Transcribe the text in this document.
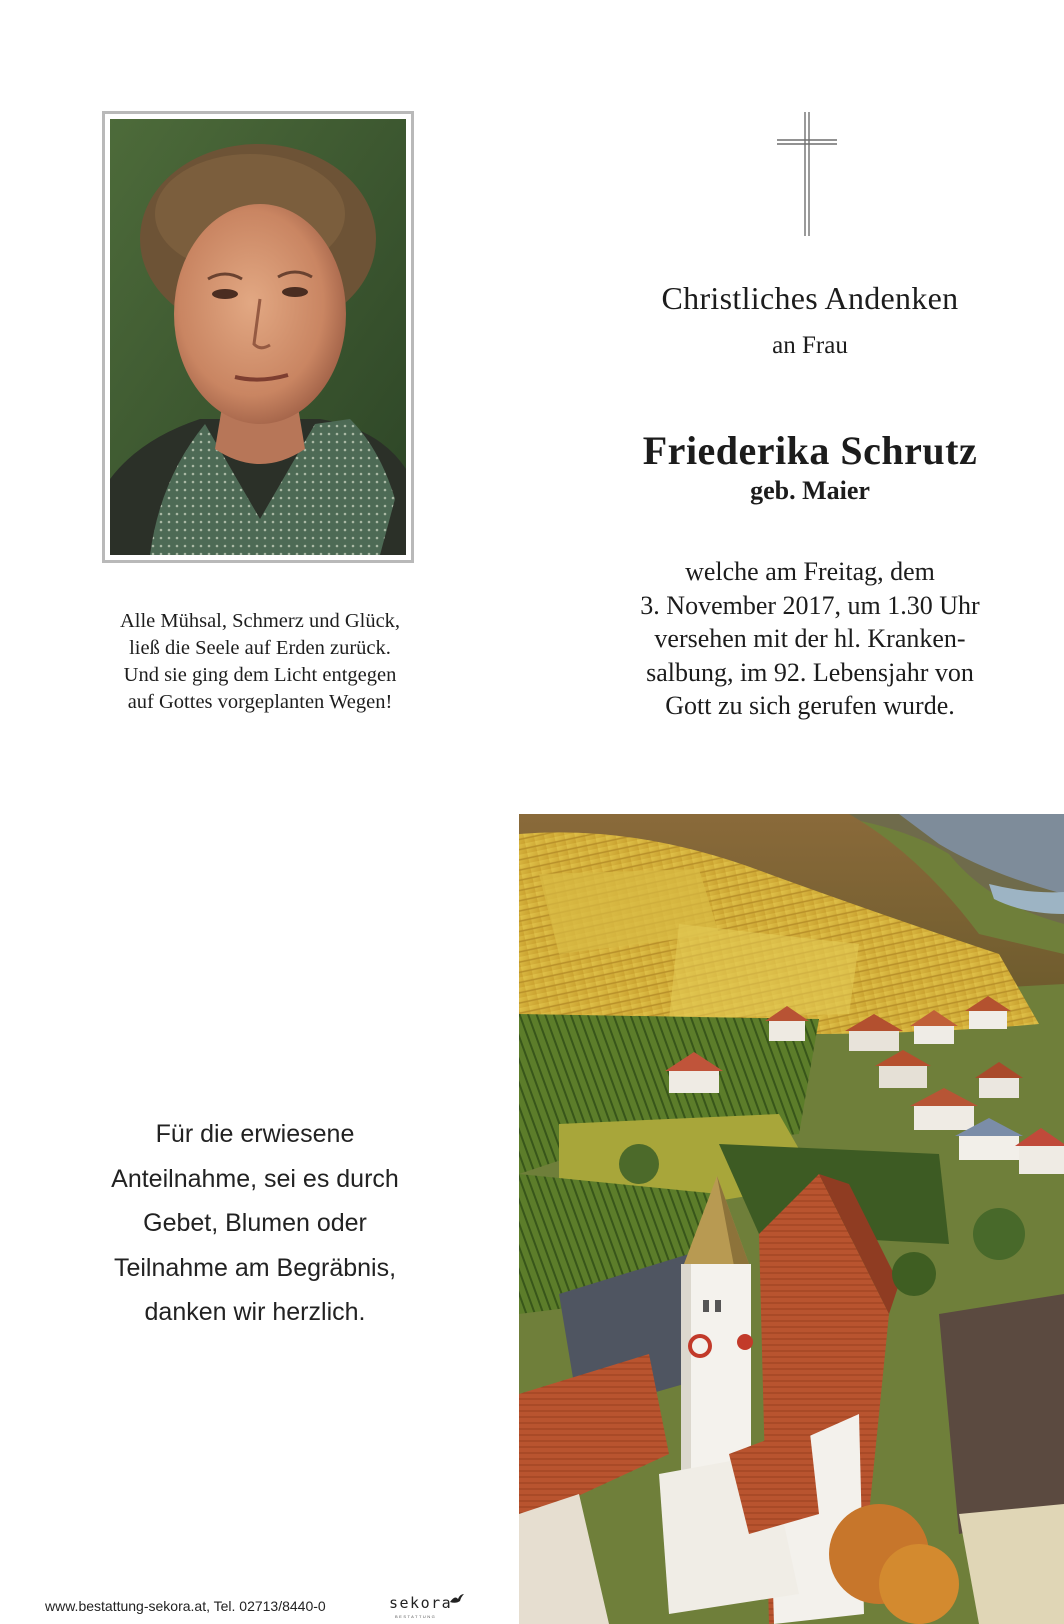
Alle Mühsal, Schmerz und Glück,
ließ die Seele auf Erden zurück.
Und sie ging dem Licht entgegen
auf Gottes vorgeplanten Wegen!
Christliches Andenken
an Frau
Friederika Schrutz
geb. Maier
welche am Freitag, dem
3. November 2017, um 1.30 Uhr
versehen mit der hl. Kranken-
salbung, im 92. Lebensjahr von
Gott zu sich gerufen wurde.
Für die erwiesene
Anteilnahme, sei es durch
Gebet, Blumen oder
Teilnahme am Begräbnis,
danken wir herzlich.
www.bestattung-sekora.at, Tel. 02713/8440-0	sekora
BESTATTUNG
